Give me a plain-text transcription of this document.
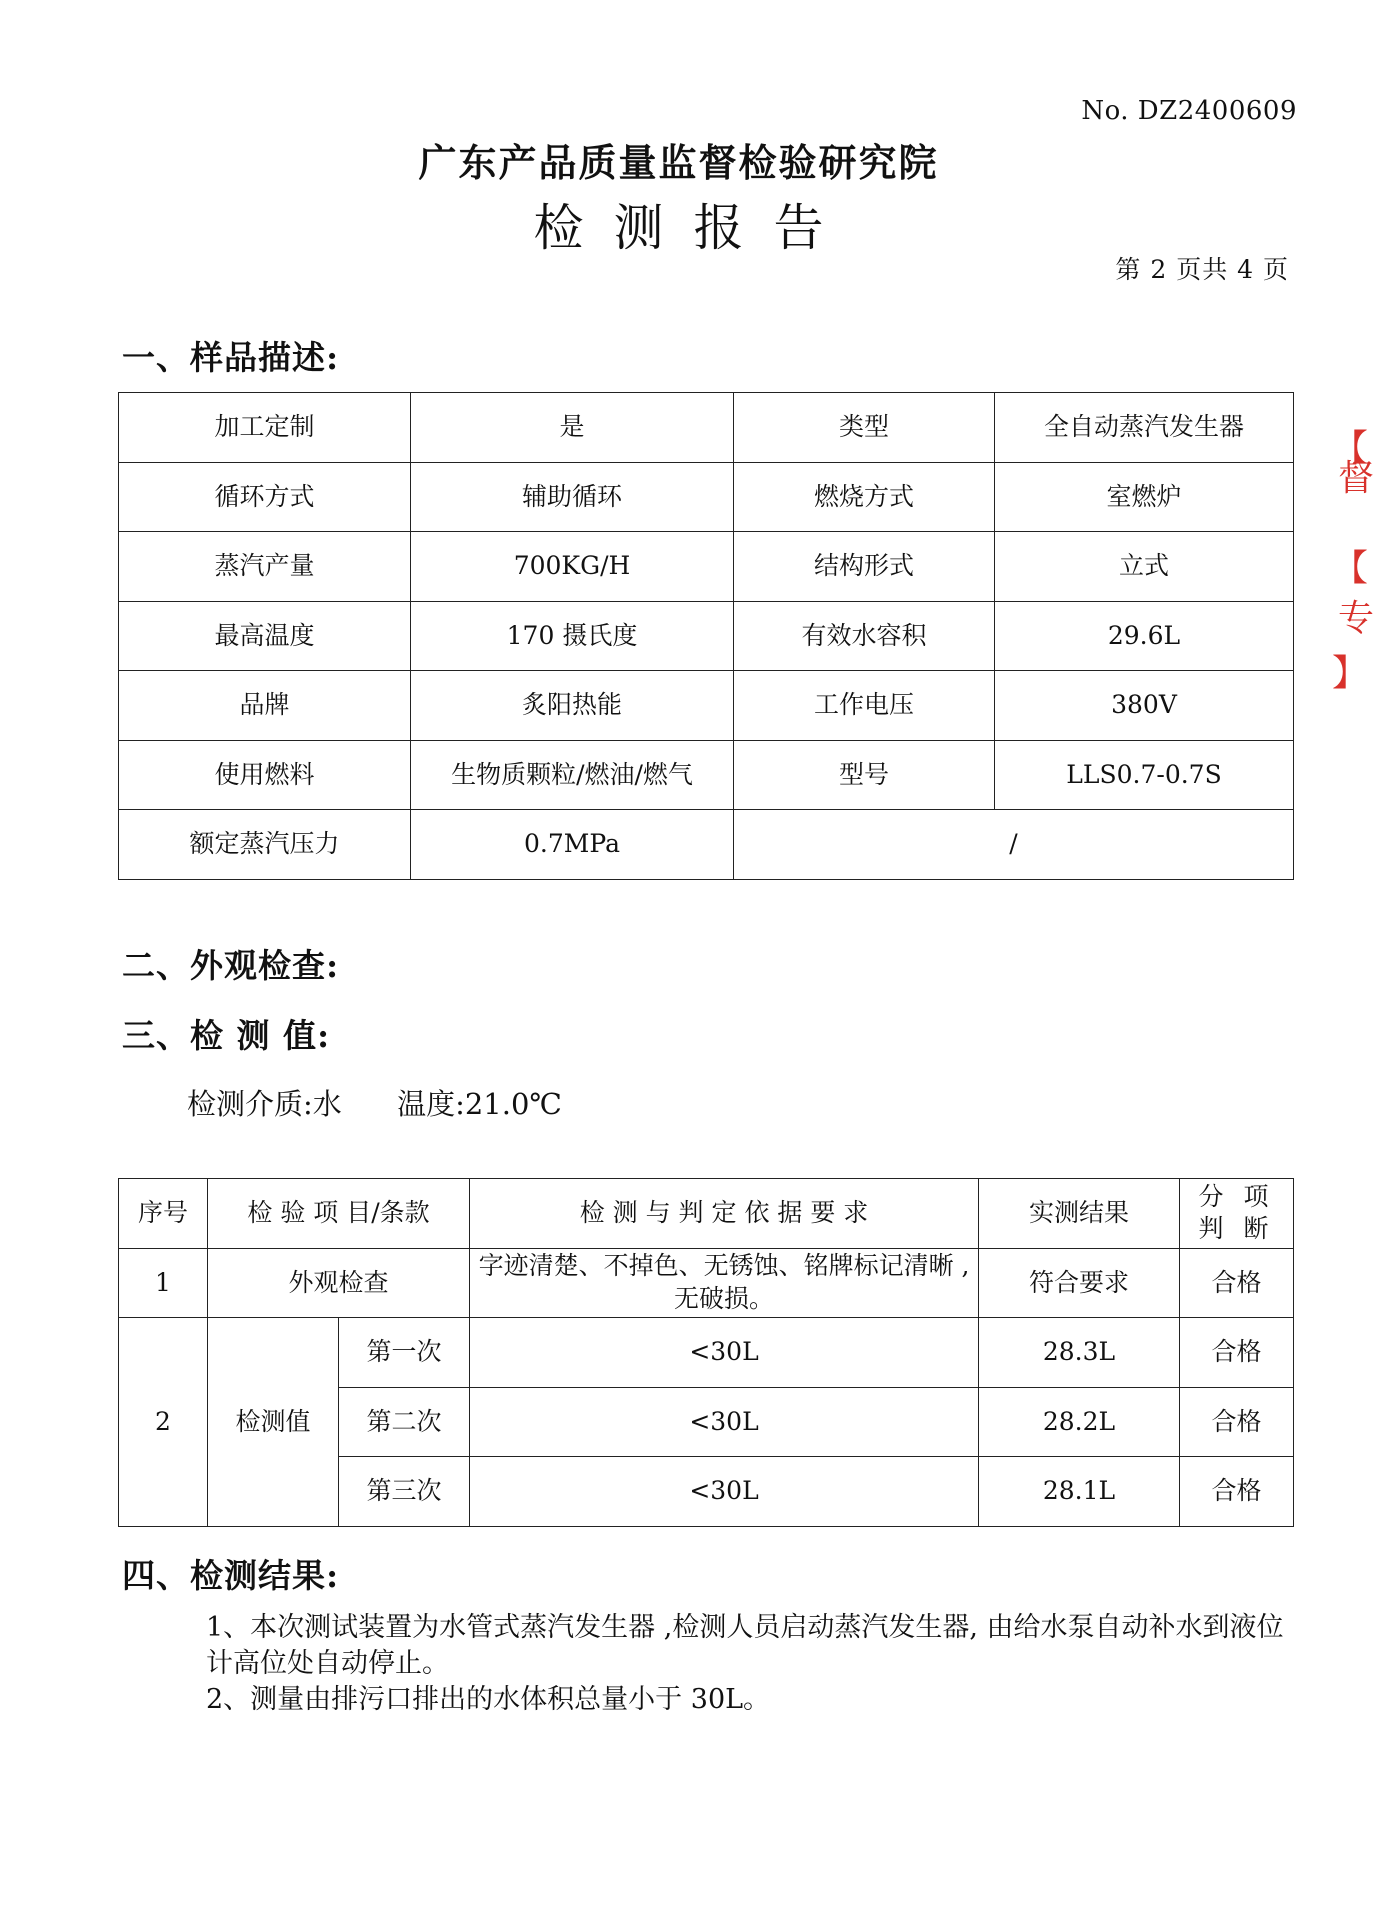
No. DZ2400609
广东产品质量监督检验研究院
检测报告
第 2 页共 4 页
一、样品描述:
加工定制	是	类型	全自动蒸汽发生器
循环方式	辅助循环	燃烧方式	室燃炉
蒸汽产量	700KG/H	结构形式	立式
最高温度	170 摄氏度	有效水容积	29.6L
品牌	炙阳热能	工作电压	380V
使用燃料	生物质颗粒/燃油/燃气	型号	LLS0.7-0.7S
额定蒸汽压力	0.7MPa	/	
二、外观检查:
三、检 测 值:
检测介质:水      温度:21.0℃
序号	检 验 项 目/条款		检 测 与 判 定 依 据 要 求	实测结果	分 项 判 断
1	外观检查		字迹清楚、不掉色、无锈蚀、铭牌标记清晰 , 无破损。	符合要求	合格
2	检测值	第一次	<30L	28.3L	合格
		第二次	<30L	28.2L	合格
		第三次	<30L	28.1L	合格
四、检测结果:
1、本次测试装置为水管式蒸汽发生器 ,检测人员启动蒸汽发生器, 由给水泵自动补水到液位计高位处自动停止。
2、测量由排污口排出的水体积总量小于 30L。
【
督
【
专
】
